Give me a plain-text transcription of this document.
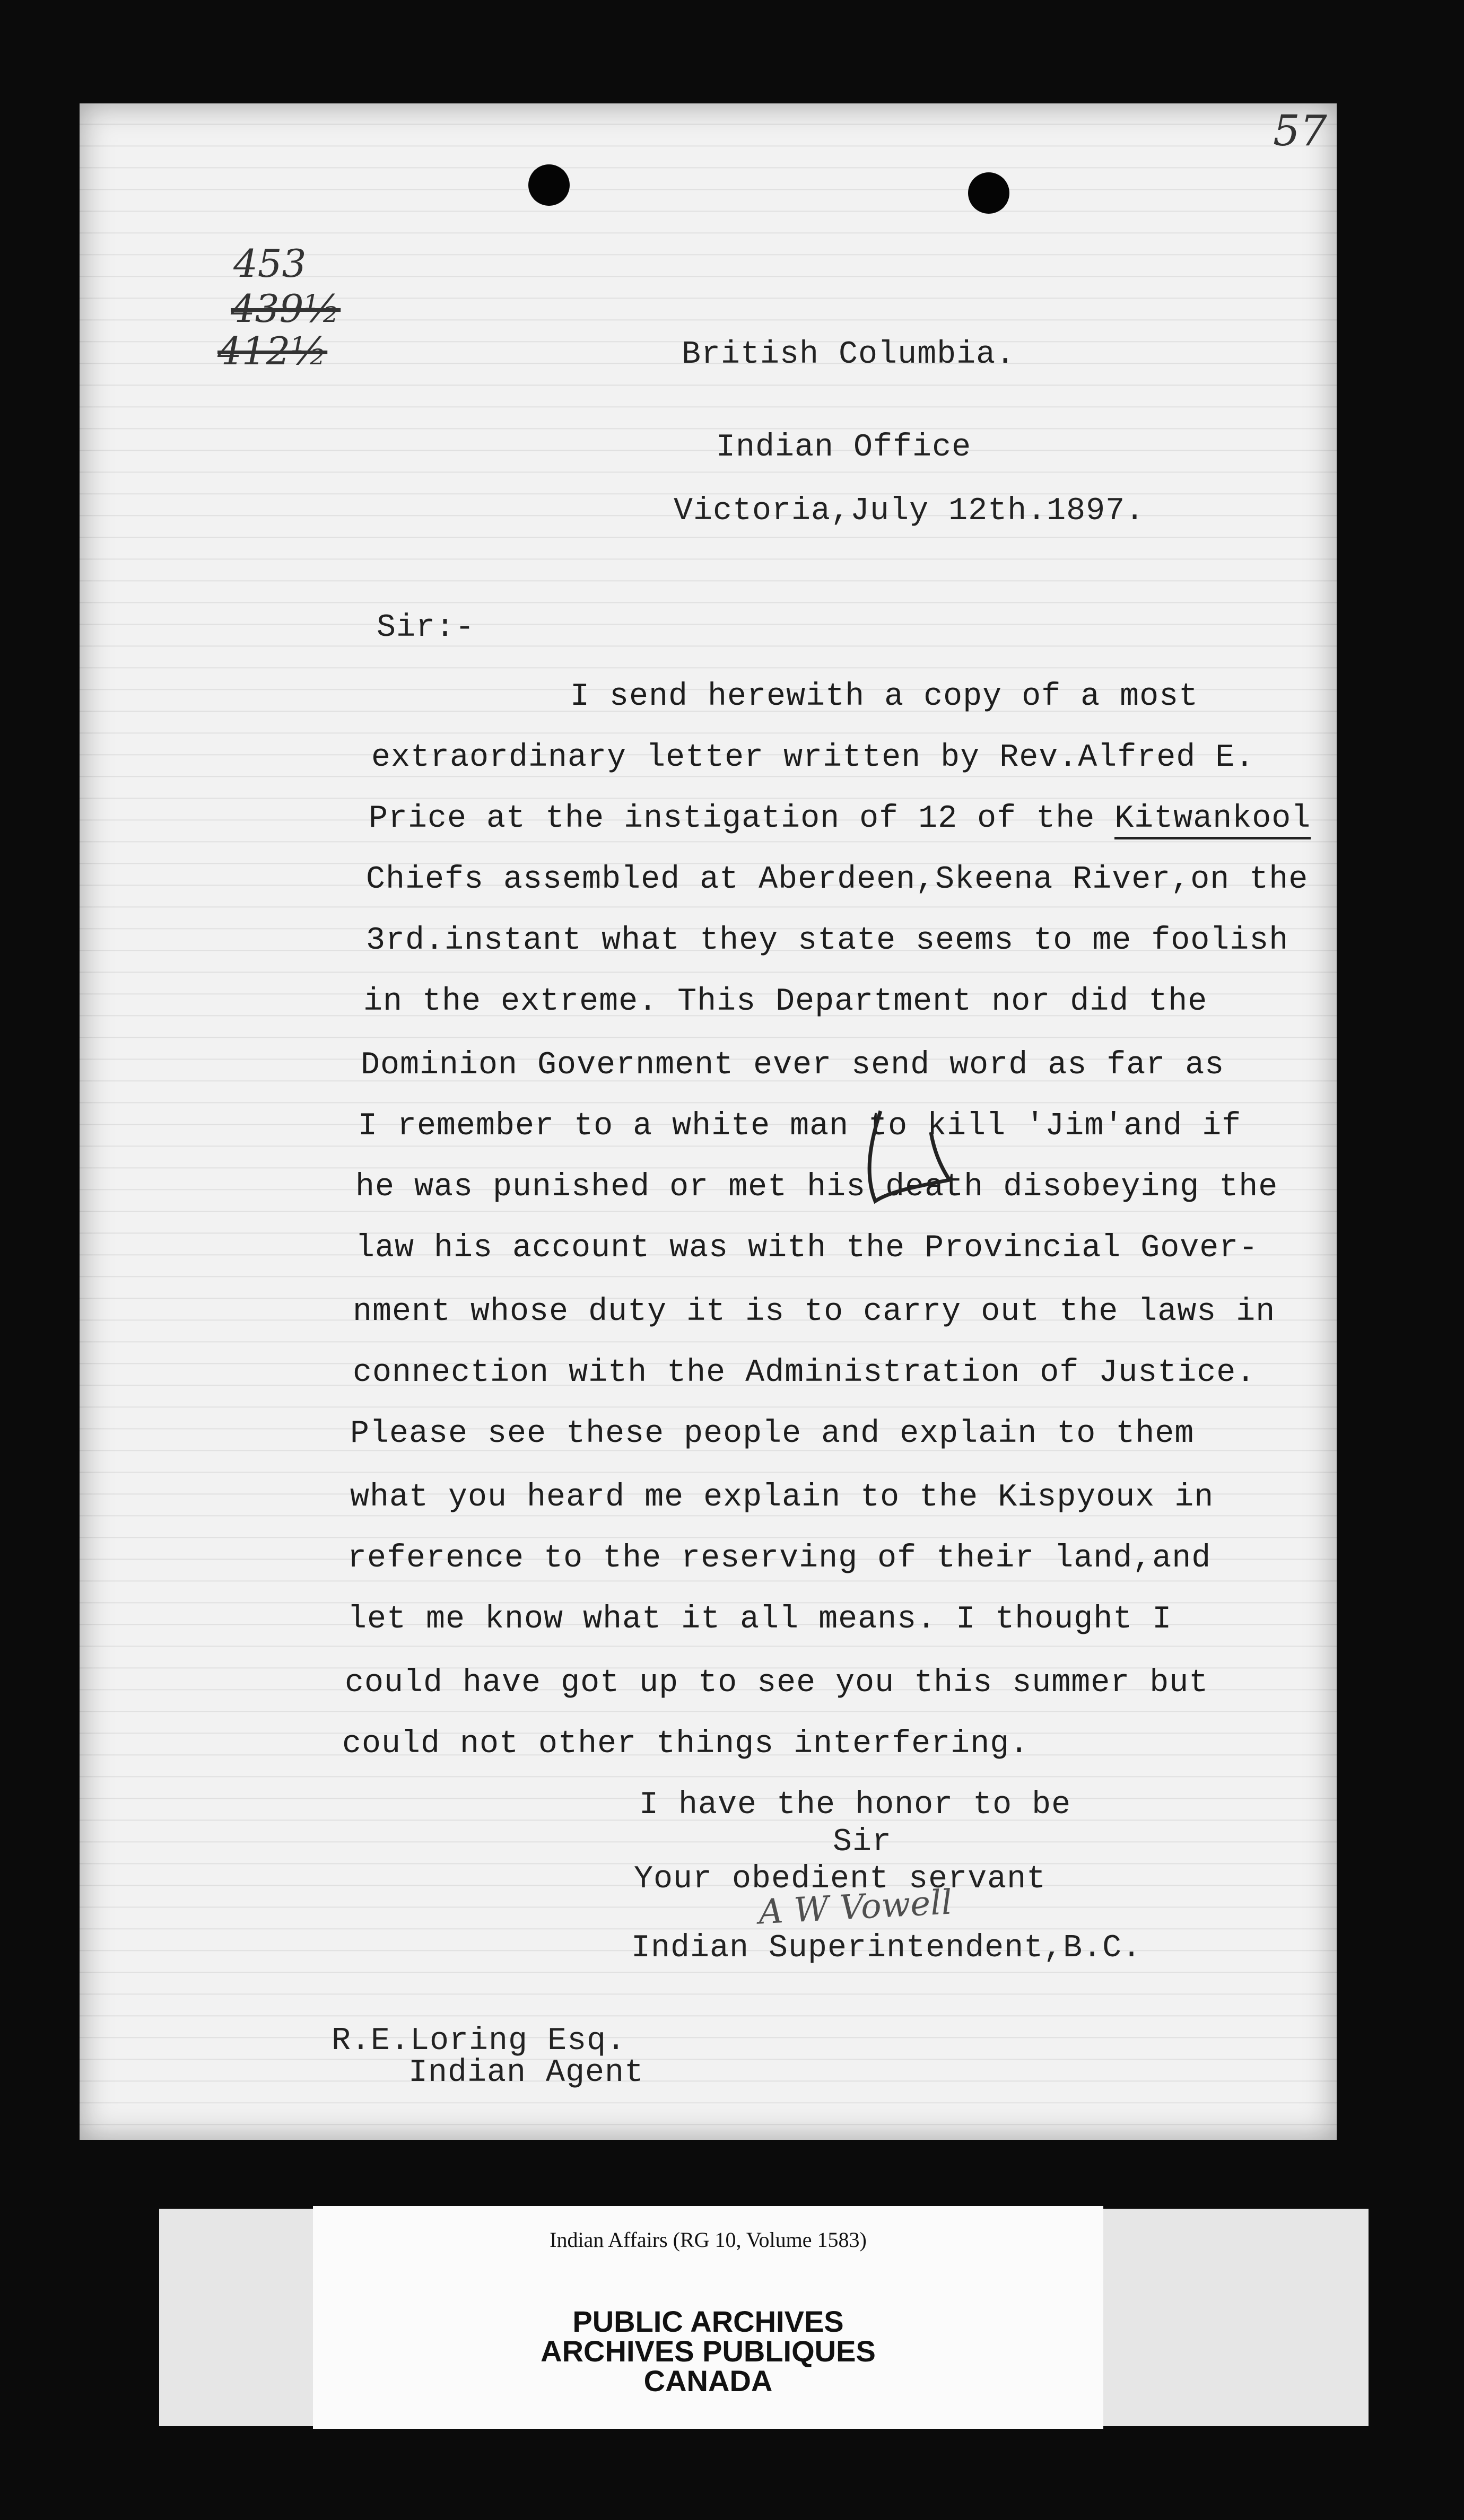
57
453
439½
412½	British Columbia.
Indian Office
Victoria,July 12th.1897.
Sir:-
I send herewith a copy of a most
extraordinary letter written by Rev.Alfred E.
Price at the instigation of 12 of the Kitwankool
Chiefs assembled at Aberdeen,Skeena River,on the
3rd.instant what they state seems to me foolish
in the extreme. This Department nor did the
Dominion Government ever send word as far as
I remember to a white man to kill 'Jim'and if
he was punished or met his death disobeying the
law his account was with the Provincial Gover-
nment whose duty it is to carry out the laws in
connection with the Administration of Justice.
Please see these people and explain to them
what you heard me explain to the Kispyoux in
reference to the reserving of their land,and
let me know what it all means. I thought I
could have got up to see you this summer but
could not other things interfering.
I have the honor to be
Sir
Your obedient servant
A W Vowell
Indian Superintendent,B.C.
R.E.Loring Esq.
Indian Agent
Indian Affairs (RG 10, Volume 1583)
PUBLIC ARCHIVES
ARCHIVES PUBLIQUES
CANADA
